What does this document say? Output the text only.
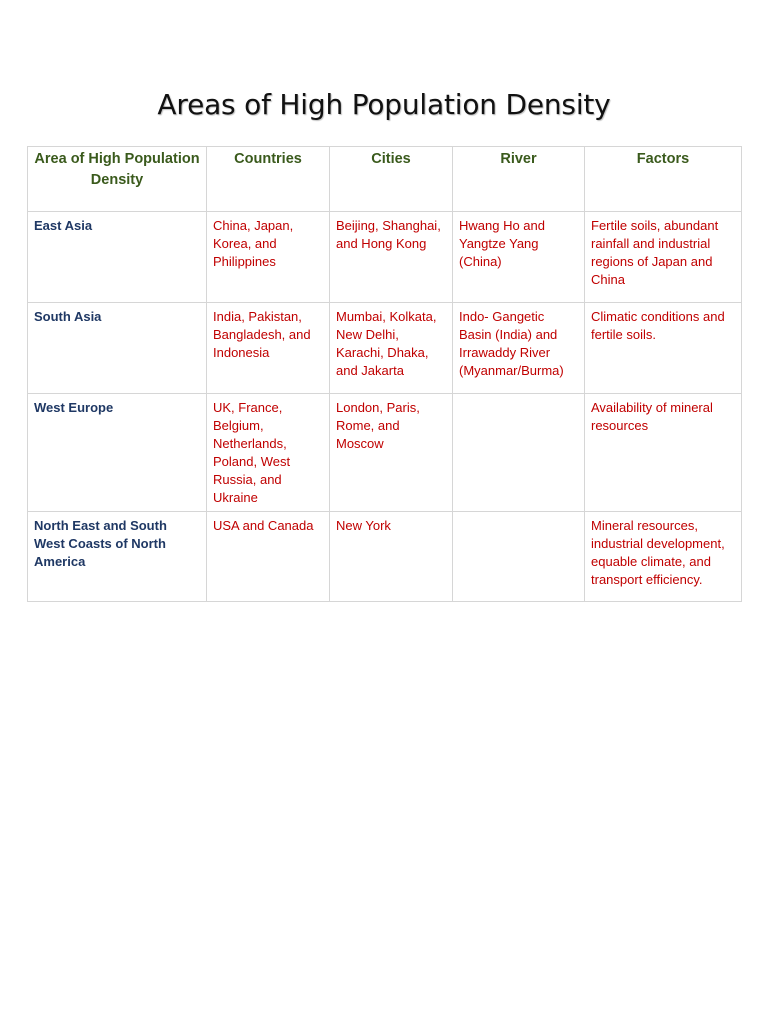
Areas of High Population Density
Area of High Population Density	Countries	Cities	River	Factors
East Asia	China, Japan, Korea, and Philippines	Beijing, Shanghai, and Hong Kong	Hwang Ho and Yangtze Yang (China)	Fertile soils, abundant rainfall and industrial regions of Japan and China
South Asia	India, Pakistan, Bangladesh, and Indonesia	Mumbai, Kolkata, New Delhi, Karachi, Dhaka, and Jakarta	Indo- Gangetic Basin (India) and Irrawaddy River (Myanmar/Burma)	Climatic conditions and fertile soils.
West Europe	UK, France, Belgium, Netherlands, Poland, West Russia, and Ukraine	London, Paris, Rome, and Moscow		Availability of mineral resources
North East and South West Coasts of North America	USA and Canada	New York		Mineral resources, industrial development, equable climate, and transport efficiency.
